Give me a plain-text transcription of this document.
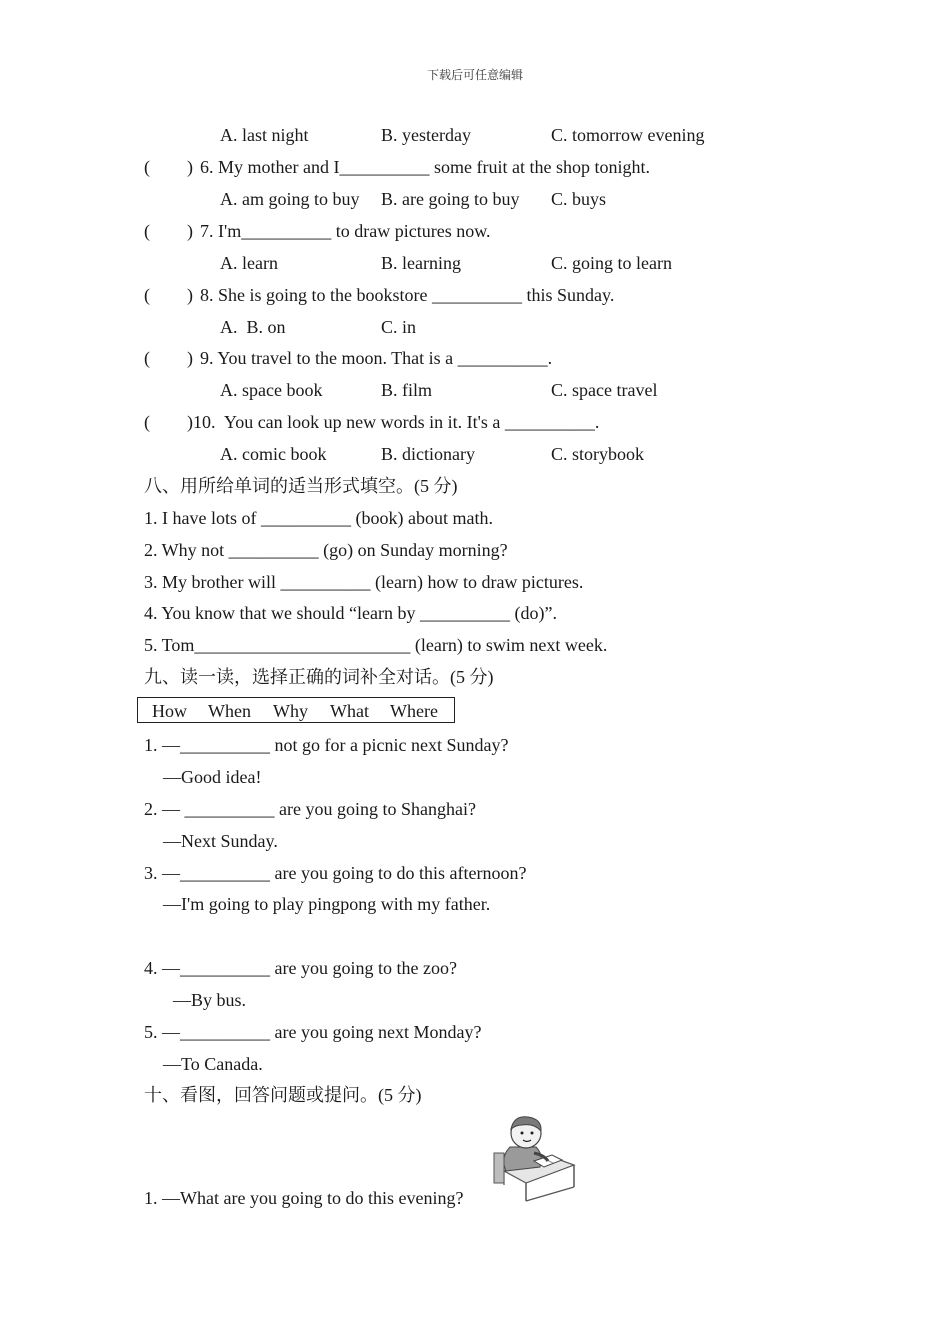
下载后可任意编辑
A. last night	B. yesterday	C. tomorrow evening
( ) 6. My mother and I__________ some fruit at the shop tonight.
A. am going to buy B. are going to buy C. buys
( ) 7. I'm__________ to draw pictures now.
A. learn	B. learning	C. going to learn
( ) 8. She is going to the bookstore __________ this Sunday.
A.  B. on	C. in
( ) 9. You travel to the moon. That is a __________.
A. space book	B. film	C. space travel
( )10. You can look up new words in it. It's a __________.
A. comic book	B. dictionary	C. storybook
八、用所给单词的适当形式填空。(5 分)
1. I have lots of __________ (book) about math.
2. Why not __________ (go) on Sunday morning?
3. My brother will __________ (learn) how to draw pictures.
4. You know that we should “learn by __________ (do)”.
5. Tom________________________ (learn) to swim next week.
九、读一读，选择正确的词补全对话。(5 分)
How When Why What Where
1. —__________ not go for a picnic next Sunday?
—Good idea!
2. — __________ are you going to Shanghai?
—Next Sunday.
3. —__________ are you going to do this afternoon?
—I'm going to play pingpong with my father.
4. —__________ are you going to the zoo?
—By bus.
5. —__________ are you going next Monday?
—To Canada.
十、看图，回答问题或提问。(5 分)
1. —What are you going to do this evening?
